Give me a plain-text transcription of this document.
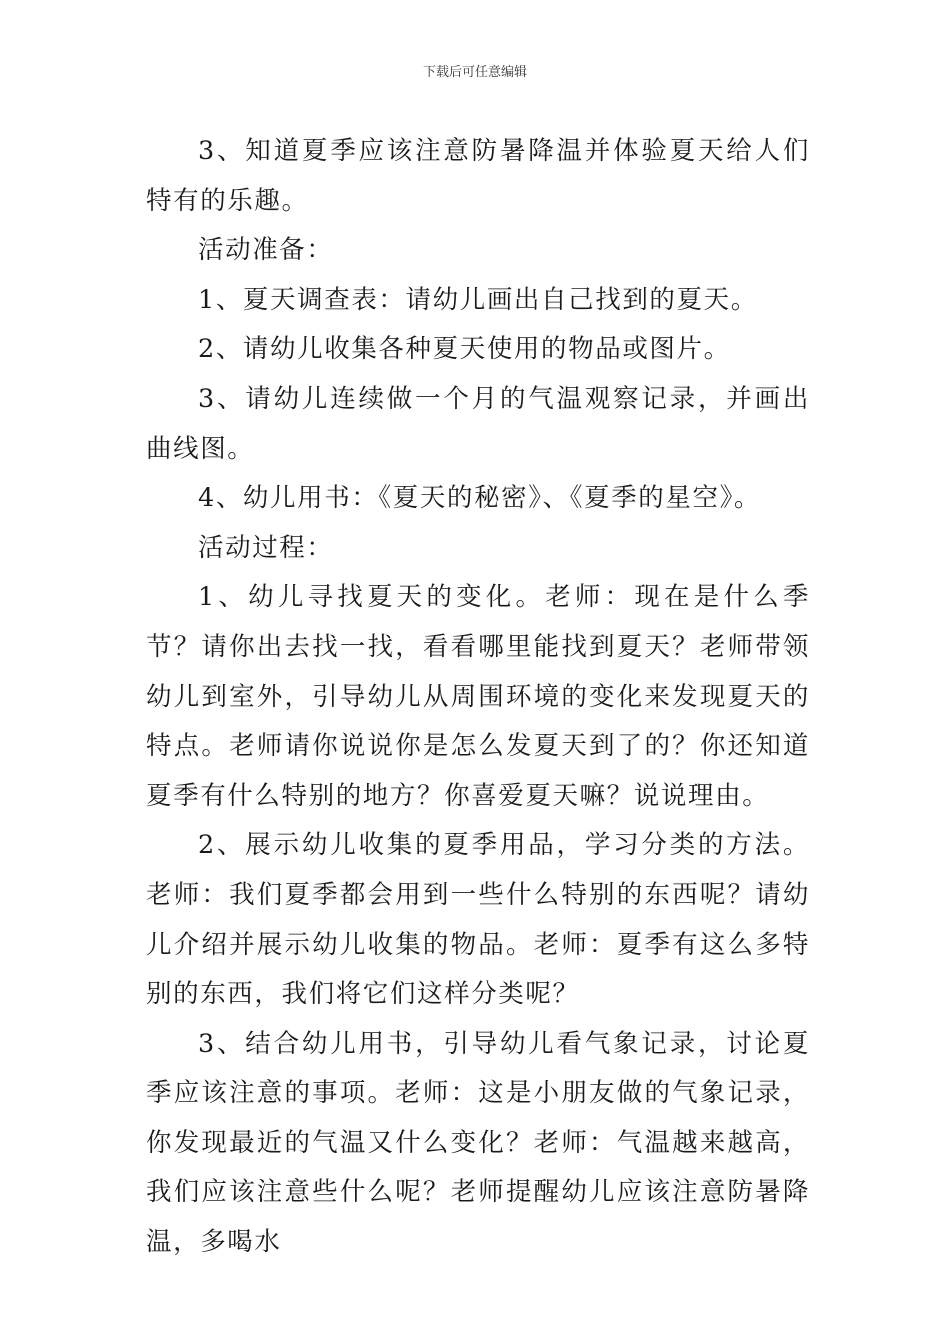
下载后可任意编辑

3、知道夏季应该注意防暑降温并体验夏天给人们特有的乐趣。

活动准备：

1、夏天调查表：请幼儿画出自己找到的夏天。

2、请幼儿收集各种夏天使用的物品或图片。

3、请幼儿连续做一个月的气温观察记录，并画出曲线图。

4、幼儿用书：《夏天的秘密》、《夏季的星空》。

活动过程：

1、幼儿寻找夏天的变化。老师：现在是什么季节？请你出去找一找，看看哪里能找到夏天？老师带领幼儿到室外，引导幼儿从周围环境的变化来发现夏天的特点。老师请你说说你是怎么发夏天到了的？你还知道夏季有什么特别的地方？你喜爱夏天嘛？说说理由。

2、展示幼儿收集的夏季用品，学习分类的方法。老师：我们夏季都会用到一些什么特别的东西呢？请幼儿介绍并展示幼儿收集的物品。老师：夏季有这么多特别的东西，我们将它们这样分类呢？

3、结合幼儿用书，引导幼儿看气象记录，讨论夏季应该注意的事项。老师：这是小朋友做的气象记录，你发现最近的气温又什么变化？老师：气温越来越高，我们应该注意些什么呢？老师提醒幼儿应该注意防暑降温，多喝水
